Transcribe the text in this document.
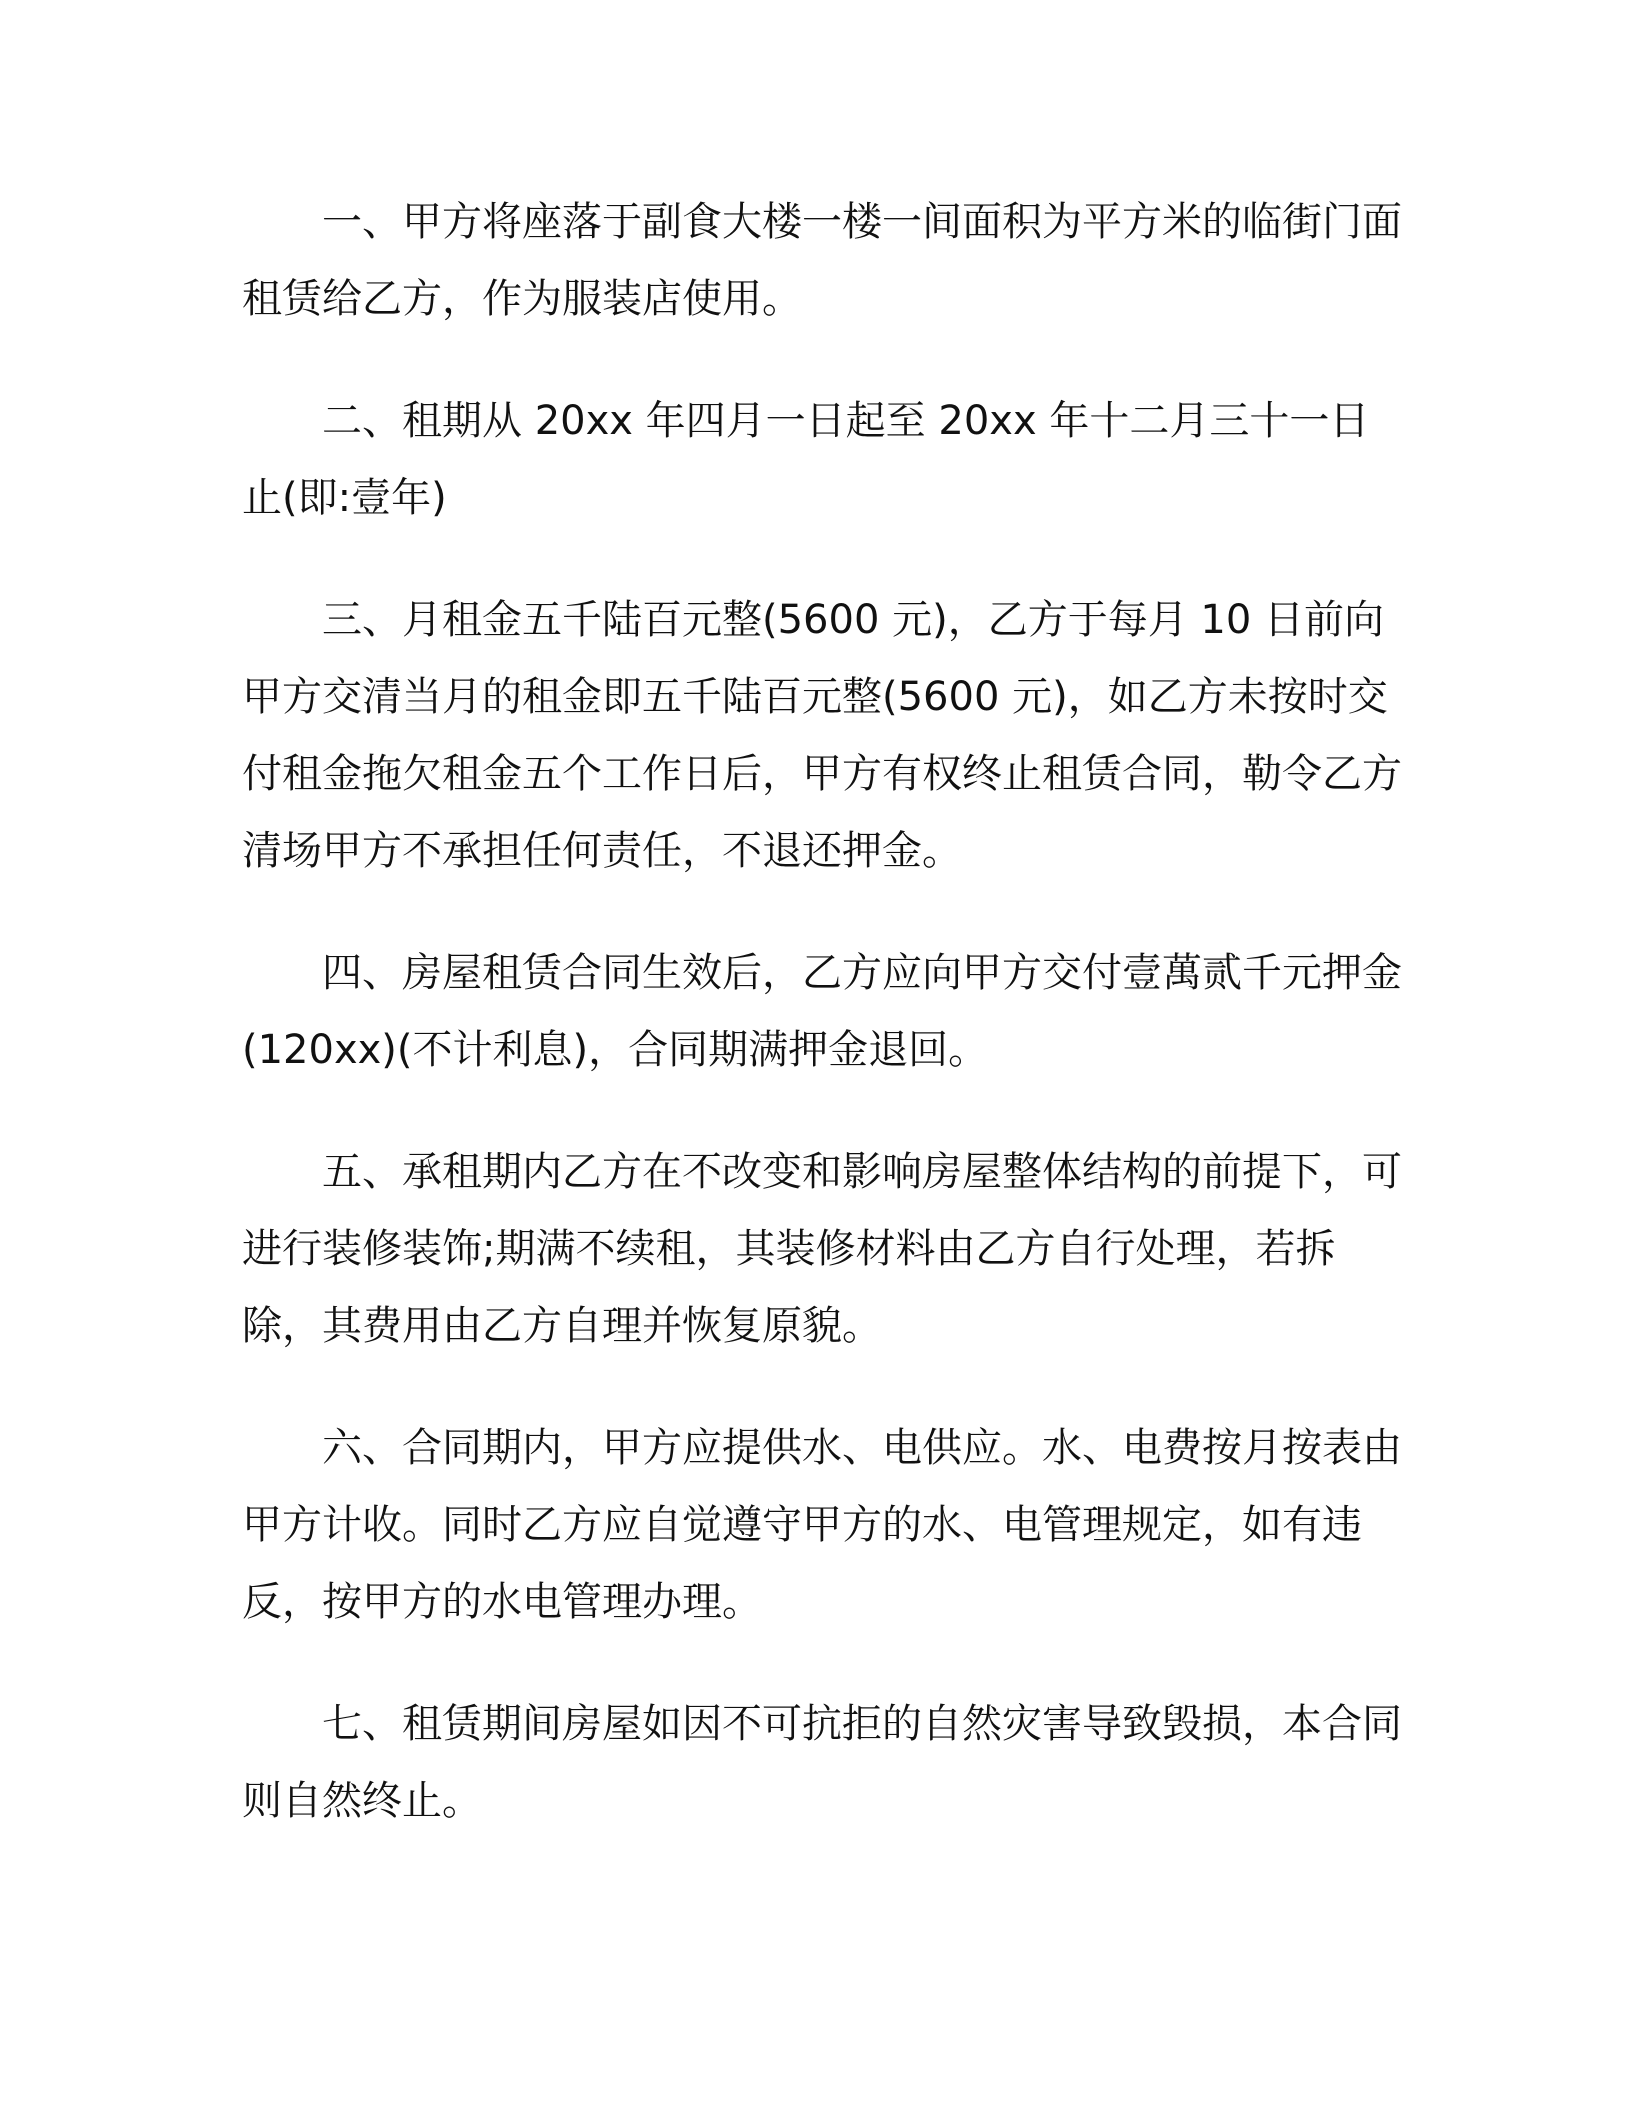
一、甲方将座落于副食大楼一楼一间面积为平方米的临街门面租赁给乙方，作为服装店使用。

二、租期从 20xx 年四月一日起至 20xx 年十二月三十一日止(即:壹年)

三、月租金五千陆百元整(5600 元)，乙方于每月 10 日前向甲方交清当月的租金即五千陆百元整(5600 元)，如乙方未按时交付租金拖欠租金五个工作日后，甲方有权终止租赁合同，勒令乙方清场甲方不承担任何责任，不退还押金。

四、房屋租赁合同生效后，乙方应向甲方交付壹萬贰千元押金(120xx)(不计利息)，合同期满押金退回。

五、承租期内乙方在不改变和影响房屋整体结构的前提下，可进行装修装饰;期满不续租，其装修材料由乙方自行处理，若拆除，其费用由乙方自理并恢复原貌。

六、合同期内，甲方应提供水、电供应。水、电费按月按表由甲方计收。同时乙方应自觉遵守甲方的水、电管理规定，如有违反，按甲方的水电管理办理。

七、租赁期间房屋如因不可抗拒的自然灾害导致毁损，本合同则自然终止。
